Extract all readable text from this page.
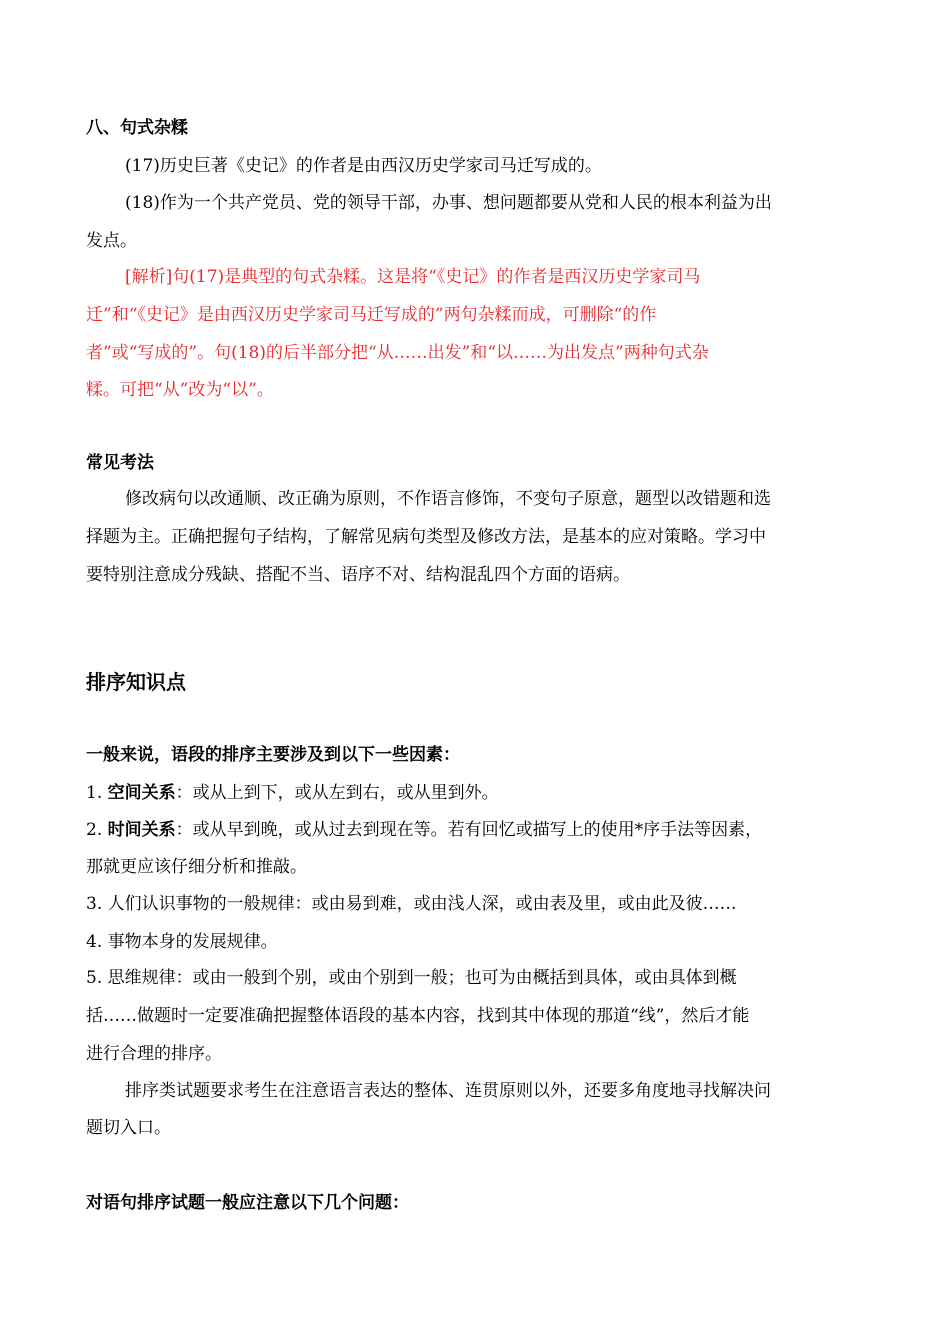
八、句式杂糅
(17)历史巨著《史记》的作者是由西汉历史学家司马迁写成的。
(18)作为一个共产党员、党的领导干部，办事、想问题都要从党和人民的根本利益为出
发点。
[解析]句(17)是典型的句式杂糅。这是将“《史记》的作者是西汉历史学家司马
迁”和“《史记》是由西汉历史学家司马迁写成的”两句杂糅而成，可删除“的作
者”或“写成的”。句(18)的后半部分把“从……出发”和“以……为出发点”两种句式杂
糅。可把“从”改为“以”。
常见考法
修改病句以改通顺、改正确为原则，不作语言修饰，不变句子原意，题型以改错题和选
择题为主。正确把握句子结构，了解常见病句类型及修改方法，是基本的应对策略。学习中
要特别注意成分残缺、搭配不当、语序不对、结构混乱四个方面的语病。
排序知识点
一般来说，语段的排序主要涉及到以下一些因素：
1. 空间关系：或从上到下，或从左到右，或从里到外。
2. 时间关系：或从早到晚，或从过去到现在等。若有回忆或描写上的使用*序手法等因素，
那就更应该仔细分析和推敲。
3. 人们认识事物的一般规律：或由易到难，或由浅人深，或由表及里，或由此及彼……
4. 事物本身的发展规律。
5. 思维规律：或由一般到个别，或由个别到一般；也可为由概括到具体，或由具体到概
括……做题时一定要准确把握整体语段的基本内容，找到其中体现的那道“线”，然后才能
进行合理的排序。
排序类试题要求考生在注意语言表达的整体、连贯原则以外，还要多角度地寻找解决问
题切入口。
对语句排序试题一般应注意以下几个问题：
